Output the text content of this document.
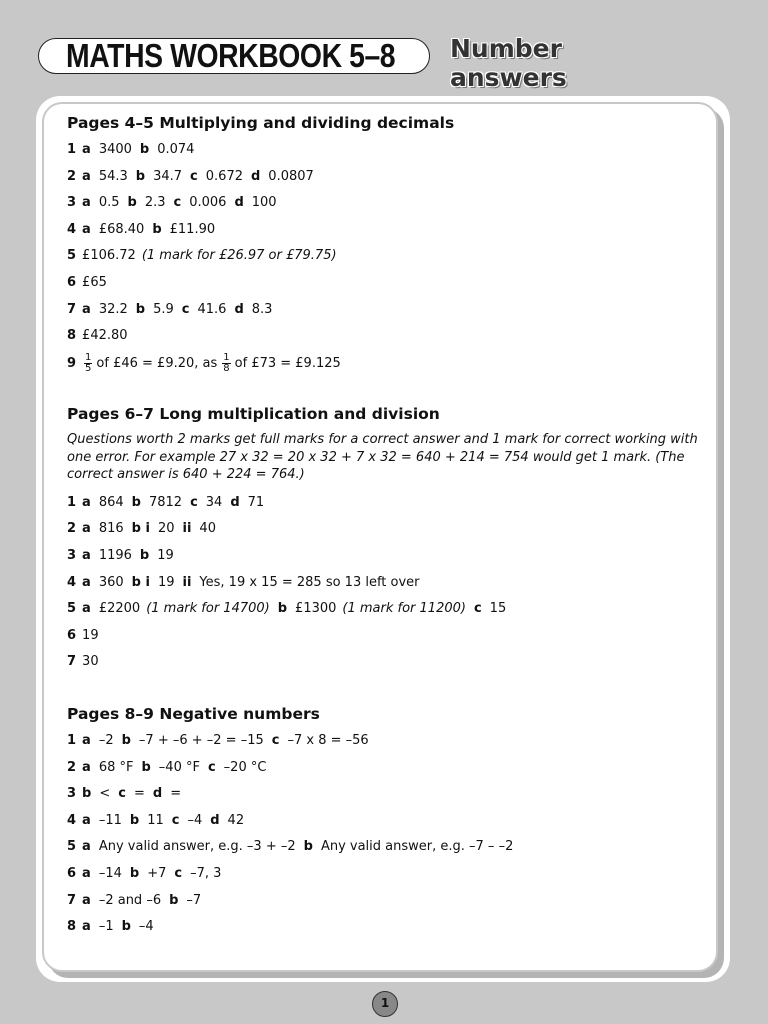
MATHS WORKBOOK 5–8 Number
answers
Pages 4–5 Multiplying and dividing decimals
1 a 3400 b 0.074
2 a 54.3 b 34.7 c 0.672 d 0.0807
3 a 0.5 b 2.3 c 0.006 d 100
4 a £68.40 b £11.90
5 £106.72 (1 mark for £26.97 or £79.75)
6 £65
7 a 32.2 b 5.9 c 41.6 d 8.3
8 £42.80
$9 \frac{1}{5}$ of £46 = £9.20, as $\frac{1}{8}$ of £73 = £9.125
Pages 6–7 Long multiplication and division
Questions worth 2 marks get full marks for a correct answer and 1 mark for correct working with one error. For example 27 x 32 = 20 x 32 + 7 x 32 = 640 + 214 = 754 would get 1 mark. (The correct answer is 640 + 224 = 764.)
1 a 864 b 7812 c 34 d 71
2 a 816 b i 20 ii 40
3 a 1196 b 19
4 a 360 b i 19 ii Yes, 19 x 15 = 285 so 13 left over
5 a £2200 (1 mark for 14700) b £1300 (1 mark for 11200) c 15
6 19
7 30
Pages 8–9 Negative numbers
1 a –2 b –7 + –6 + –2 = –15 c –7 x 8 = –56
2 a 68 °F b –40 °F c –20 °C
3 b < c = d =
4 a –11 b 11 c –4 d 42
5 a Any valid answer, e.g. –3 + –2 b Any valid answer, e.g. –7 – –2
6 a –14 b +7 c –7, 3
7 a –2 and –6 b –7
8 a –1 b –4
1
